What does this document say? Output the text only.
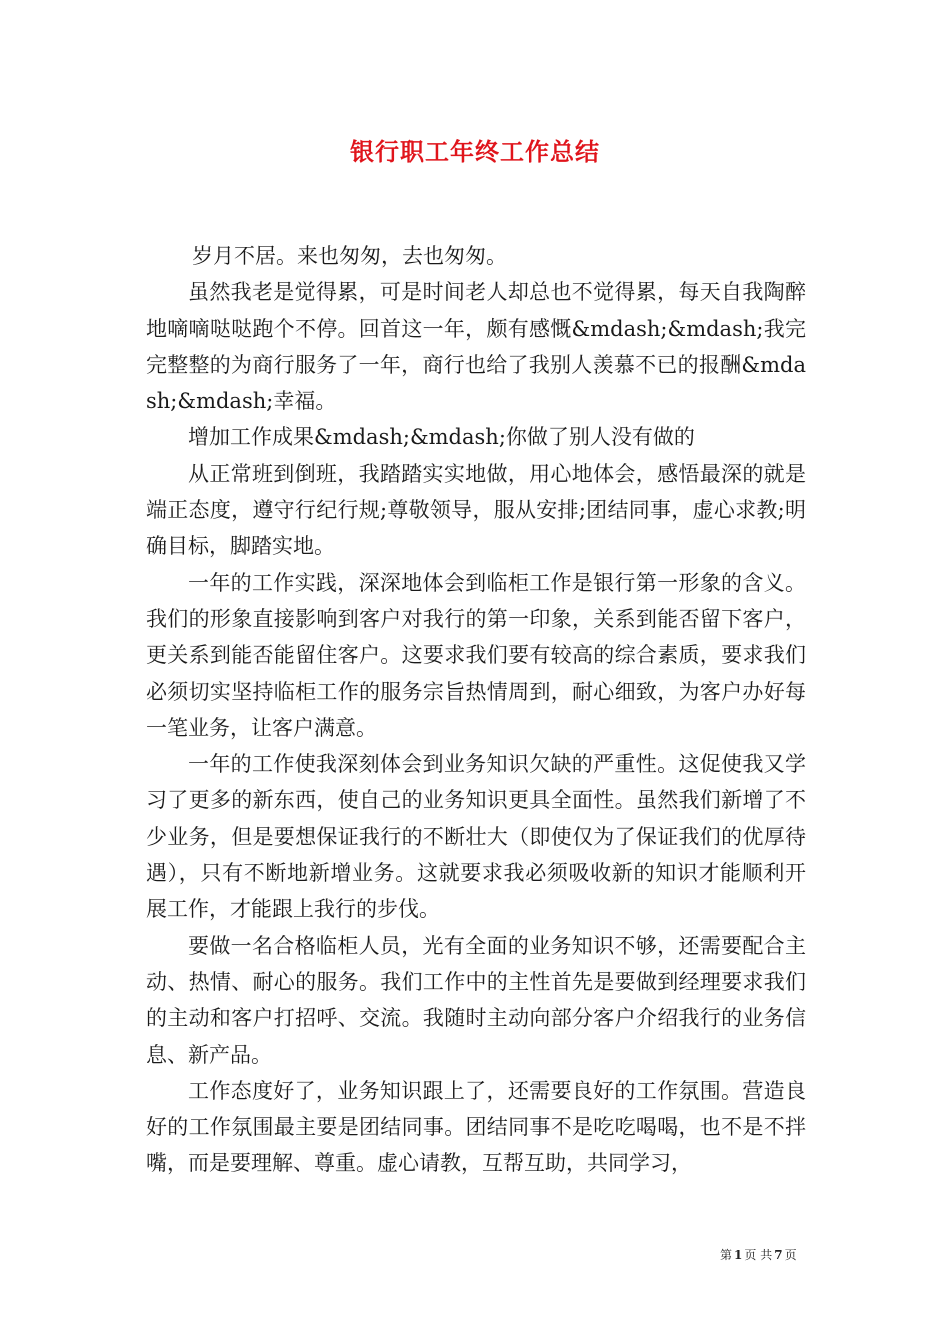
银行职工年终工作总结

岁月不居。来也匆匆，去也匆匆。

虽然我老是觉得累，可是时间老人却总也不觉得累，每天自我陶醉地嘀嘀哒哒跑个不停。回首这一年，颇有感慨&mdash;&mdash;我完完整整的为商行服务了一年，商行也给了我别人羡慕不已的报酬&mdash;&mdash;幸福。

增加工作成果&mdash;&mdash;你做了别人没有做的

从正常班到倒班，我踏踏实实地做，用心地体会，感悟最深的就是端正态度，遵守行纪行规;尊敬领导，服从安排;团结同事，虚心求教;明确目标，脚踏实地。

一年的工作实践，深深地体会到临柜工作是银行第一形象的含义。我们的形象直接影响到客户对我行的第一印象，关系到能否留下客户，更关系到能否能留住客户。这要求我们要有较高的综合素质，要求我们必须切实坚持临柜工作的服务宗旨热情周到，耐心细致，为客户办好每一笔业务，让客户满意。

一年的工作使我深刻体会到业务知识欠缺的严重性。这促使我又学习了更多的新东西，使自己的业务知识更具全面性。虽然我们新增了不少业务，但是要想保证我行的不断壮大（即使仅为了保证我们的优厚待遇），只有不断地新增业务。这就要求我必须吸收新的知识才能顺利开展工作，才能跟上我行的步伐。

要做一名合格临柜人员，光有全面的业务知识不够，还需要配合主动、热情、耐心的服务。我们工作中的主性首先是要做到经理要求我们的主动和客户打招呼、交流。我随时主动向部分客户介绍我行的业务信息、新产品。

工作态度好了，业务知识跟上了，还需要良好的工作氛围。营造良好的工作氛围最主要是团结同事。团结同事不是吃吃喝喝，也不是不拌嘴，而是要理解、尊重。虚心请教，互帮互助，共同学习，

第 1 页 共 7 页
